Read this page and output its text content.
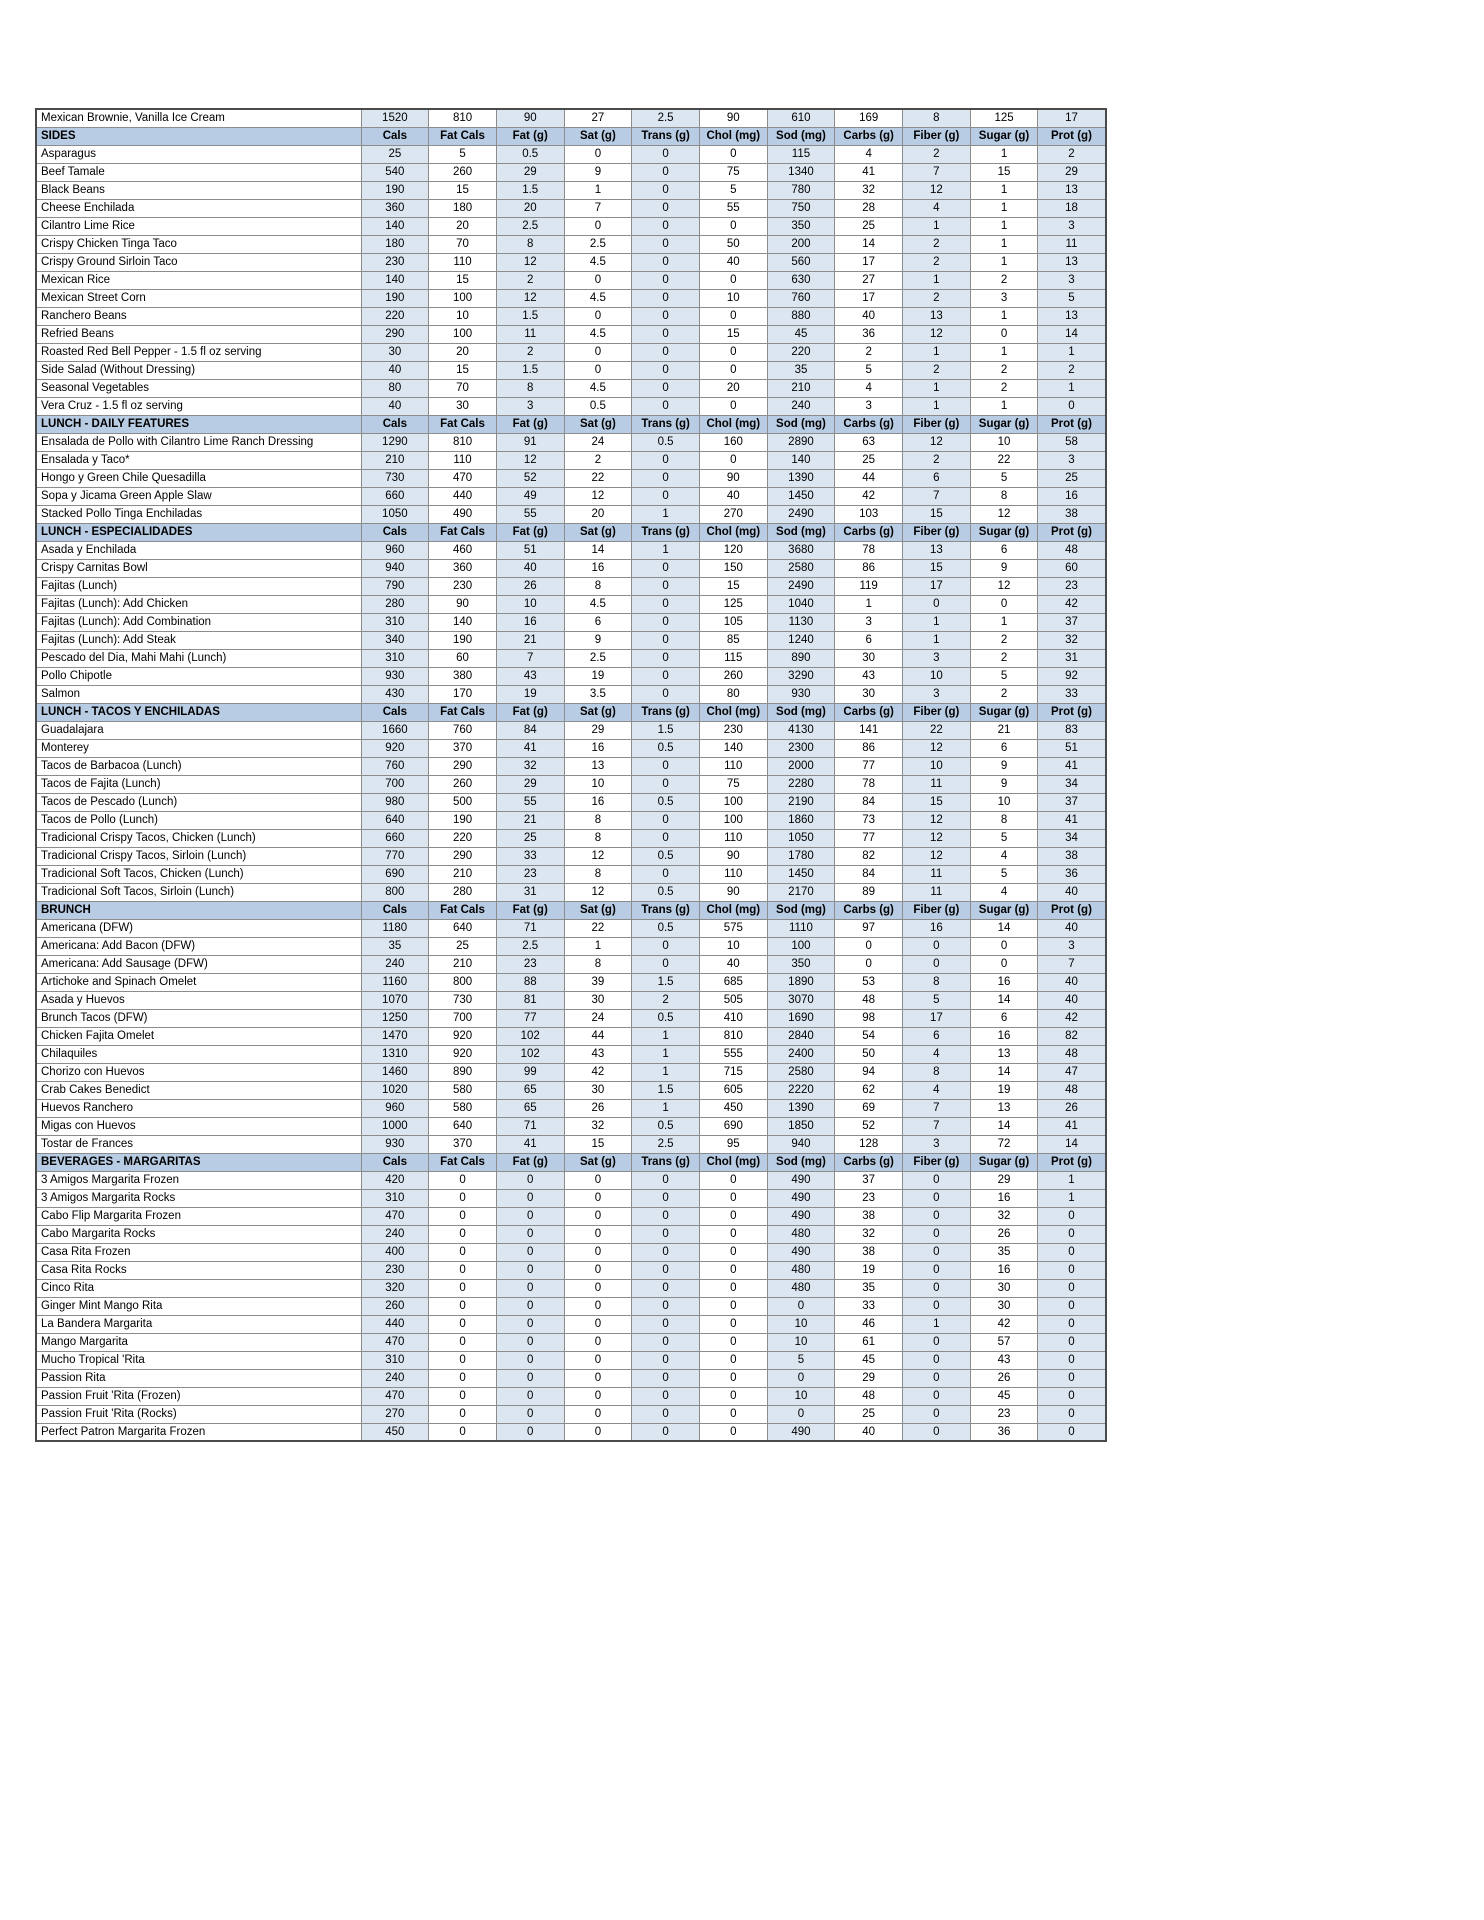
Mexican Brownie, Vanilla Ice Cream	1520	810	90	27	2.5	90	610	169	8	125	17
SIDES	Cals	Fat Cals	Fat (g)	Sat (g)	Trans (g)	Chol (mg)	Sod (mg)	Carbs (g)	Fiber (g)	Sugar (g)	Prot (g)
Asparagus	25	5	0.5	0	0	0	115	4	2	1	2
Beef Tamale	540	260	29	9	0	75	1340	41	7	15	29
Black Beans	190	15	1.5	1	0	5	780	32	12	1	13
Cheese Enchilada	360	180	20	7	0	55	750	28	4	1	18
Cilantro Lime Rice	140	20	2.5	0	0	0	350	25	1	1	3
Crispy Chicken Tinga Taco	180	70	8	2.5	0	50	200	14	2	1	11
Crispy Ground Sirloin Taco	230	110	12	4.5	0	40	560	17	2	1	13
Mexican Rice	140	15	2	0	0	0	630	27	1	2	3
Mexican Street Corn	190	100	12	4.5	0	10	760	17	2	3	5
Ranchero Beans	220	10	1.5	0	0	0	880	40	13	1	13
Refried Beans	290	100	11	4.5	0	15	45	36	12	0	14
Roasted Red Bell Pepper - 1.5 fl oz serving	30	20	2	0	0	0	220	2	1	1	1
Side Salad (Without Dressing)	40	15	1.5	0	0	0	35	5	2	2	2
Seasonal Vegetables	80	70	8	4.5	0	20	210	4	1	2	1
Vera Cruz - 1.5 fl oz serving	40	30	3	0.5	0	0	240	3	1	1	0
LUNCH - DAILY FEATURES	Cals	Fat Cals	Fat (g)	Sat (g)	Trans (g)	Chol (mg)	Sod (mg)	Carbs (g)	Fiber (g)	Sugar (g)	Prot (g)
Ensalada de Pollo with Cilantro Lime Ranch Dressing	1290	810	91	24	0.5	160	2890	63	12	10	58
Ensalada y Taco*	210	110	12	2	0	0	140	25	2	22	3
Hongo y Green Chile Quesadilla	730	470	52	22	0	90	1390	44	6	5	25
Sopa y Jicama Green Apple Slaw	660	440	49	12	0	40	1450	42	7	8	16
Stacked Pollo Tinga Enchiladas	1050	490	55	20	1	270	2490	103	15	12	38
LUNCH - ESPECIALIDADES	Cals	Fat Cals	Fat (g)	Sat (g)	Trans (g)	Chol (mg)	Sod (mg)	Carbs (g)	Fiber (g)	Sugar (g)	Prot (g)
Asada y Enchilada	960	460	51	14	1	120	3680	78	13	6	48
Crispy Carnitas Bowl	940	360	40	16	0	150	2580	86	15	9	60
Fajitas (Lunch)	790	230	26	8	0	15	2490	119	17	12	23
Fajitas (Lunch): Add Chicken	280	90	10	4.5	0	125	1040	1	0	0	42
Fajitas (Lunch): Add Combination	310	140	16	6	0	105	1130	3	1	1	37
Fajitas (Lunch): Add Steak	340	190	21	9	0	85	1240	6	1	2	32
Pescado del Dia, Mahi Mahi (Lunch)	310	60	7	2.5	0	115	890	30	3	2	31
Pollo Chipotle	930	380	43	19	0	260	3290	43	10	5	92
Salmon	430	170	19	3.5	0	80	930	30	3	2	33
LUNCH - TACOS Y ENCHILADAS	Cals	Fat Cals	Fat (g)	Sat (g)	Trans (g)	Chol (mg)	Sod (mg)	Carbs (g)	Fiber (g)	Sugar (g)	Prot (g)
Guadalajara	1660	760	84	29	1.5	230	4130	141	22	21	83
Monterey	920	370	41	16	0.5	140	2300	86	12	6	51
Tacos de Barbacoa (Lunch)	760	290	32	13	0	110	2000	77	10	9	41
Tacos de Fajita (Lunch)	700	260	29	10	0	75	2280	78	11	9	34
Tacos de Pescado (Lunch)	980	500	55	16	0.5	100	2190	84	15	10	37
Tacos de Pollo (Lunch)	640	190	21	8	0	100	1860	73	12	8	41
Tradicional Crispy Tacos, Chicken (Lunch)	660	220	25	8	0	110	1050	77	12	5	34
Tradicional Crispy Tacos, Sirloin (Lunch)	770	290	33	12	0.5	90	1780	82	12	4	38
Tradicional Soft Tacos, Chicken (Lunch)	690	210	23	8	0	110	1450	84	11	5	36
Tradicional Soft Tacos, Sirloin (Lunch)	800	280	31	12	0.5	90	2170	89	11	4	40
BRUNCH	Cals	Fat Cals	Fat (g)	Sat (g)	Trans (g)	Chol (mg)	Sod (mg)	Carbs (g)	Fiber (g)	Sugar (g)	Prot (g)
Americana (DFW)	1180	640	71	22	0.5	575	1110	97	16	14	40
Americana: Add Bacon (DFW)	35	25	2.5	1	0	10	100	0	0	0	3
Americana: Add Sausage (DFW)	240	210	23	8	0	40	350	0	0	0	7
Artichoke and Spinach Omelet	1160	800	88	39	1.5	685	1890	53	8	16	40
Asada y Huevos	1070	730	81	30	2	505	3070	48	5	14	40
Brunch Tacos (DFW)	1250	700	77	24	0.5	410	1690	98	17	6	42
Chicken Fajita Omelet	1470	920	102	44	1	810	2840	54	6	16	82
Chilaquiles	1310	920	102	43	1	555	2400	50	4	13	48
Chorizo con Huevos	1460	890	99	42	1	715	2580	94	8	14	47
Crab Cakes Benedict	1020	580	65	30	1.5	605	2220	62	4	19	48
Huevos Ranchero	960	580	65	26	1	450	1390	69	7	13	26
Migas con Huevos	1000	640	71	32	0.5	690	1850	52	7	14	41
Tostar de Frances	930	370	41	15	2.5	95	940	128	3	72	14
BEVERAGES - MARGARITAS	Cals	Fat Cals	Fat (g)	Sat (g)	Trans (g)	Chol (mg)	Sod (mg)	Carbs (g)	Fiber (g)	Sugar (g)	Prot (g)
3 Amigos Margarita Frozen	420	0	0	0	0	0	490	37	0	29	1
3 Amigos Margarita Rocks	310	0	0	0	0	0	490	23	0	16	1
Cabo Flip Margarita Frozen	470	0	0	0	0	0	490	38	0	32	0
Cabo Margarita Rocks	240	0	0	0	0	0	480	32	0	26	0
Casa Rita Frozen	400	0	0	0	0	0	490	38	0	35	0
Casa Rita Rocks	230	0	0	0	0	0	480	19	0	16	0
Cinco Rita	320	0	0	0	0	0	480	35	0	30	0
Ginger Mint Mango Rita	260	0	0	0	0	0	0	33	0	30	0
La Bandera Margarita	440	0	0	0	0	0	10	46	1	42	0
Mango Margarita	470	0	0	0	0	0	10	61	0	57	0
Mucho Tropical 'Rita	310	0	0	0	0	0	5	45	0	43	0
Passion Rita	240	0	0	0	0	0	0	29	0	26	0
Passion Fruit 'Rita (Frozen)	470	0	0	0	0	0	10	48	0	45	0
Passion Fruit 'Rita (Rocks)	270	0	0	0	0	0	0	25	0	23	0
Perfect Patron Margarita Frozen	450	0	0	0	0	0	490	40	0	36	0
